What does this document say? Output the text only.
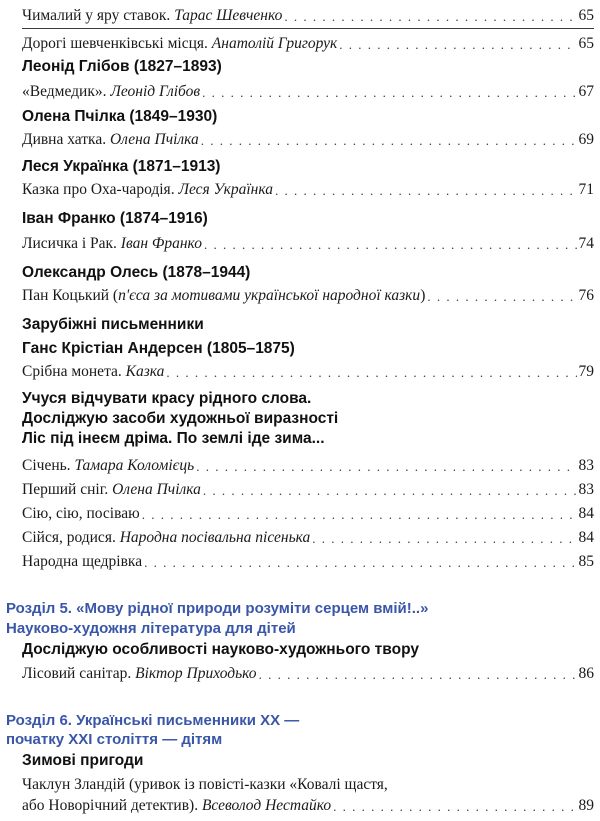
Чималий у яру ставок. Тарас Шевченко . . .	65
Дорогі шевченківські місця. Анатолій Григорук . . .	65
Леонід Глібов (1827–1893)
«Ведмедик». Леонід Глібов . . .	67
Олена Пчілка (1849–1930)
Дивна хатка. Олена Пчілка . . .	69
Леся Українка (1871–1913)
Казка про Оха-чародія. Леся Українка . . .	71
Іван Франко (1874–1916)
Лисичка і Рак. Іван Франко . . .	74
Олександр Олесь (1878–1944)
Пан Коцький (п'єса за мотивами української народної казки) . . .	76
Зарубіжні письменники
Ганс Крістіан Андерсен (1805–1875)
Срібна монета. Казка . . .	79
Учуся відчувати красу рідного слова.
Досліджую засоби художньої виразності
Ліс під інеєм дріма. По землі іде зима...
Січень. Тамара Коломієць . . .	83
Перший сніг. Олена Пчілка . . .	83
Сію, сію, посіваю . . .	84
Сійся, родися. Народна посівальна пісенька . . .	84
Народна щедрівка . . .	85
Розділ 5. «Мову рідної природи розуміти серцем вмій!..»
Науково-художня література для дітей
Досліджую особливості науково-художнього твору
Лісовий санітар. Віктор Приходько . . .	86
Розділ 6. Українські письменники XX —
початку XXI століття — дітям
Зимові пригоди
Чаклун Зландій (уривок із повісті-казки «Ковалі щастя,
або Новорічний детектив). Всеволод Нестайко . . .	89
